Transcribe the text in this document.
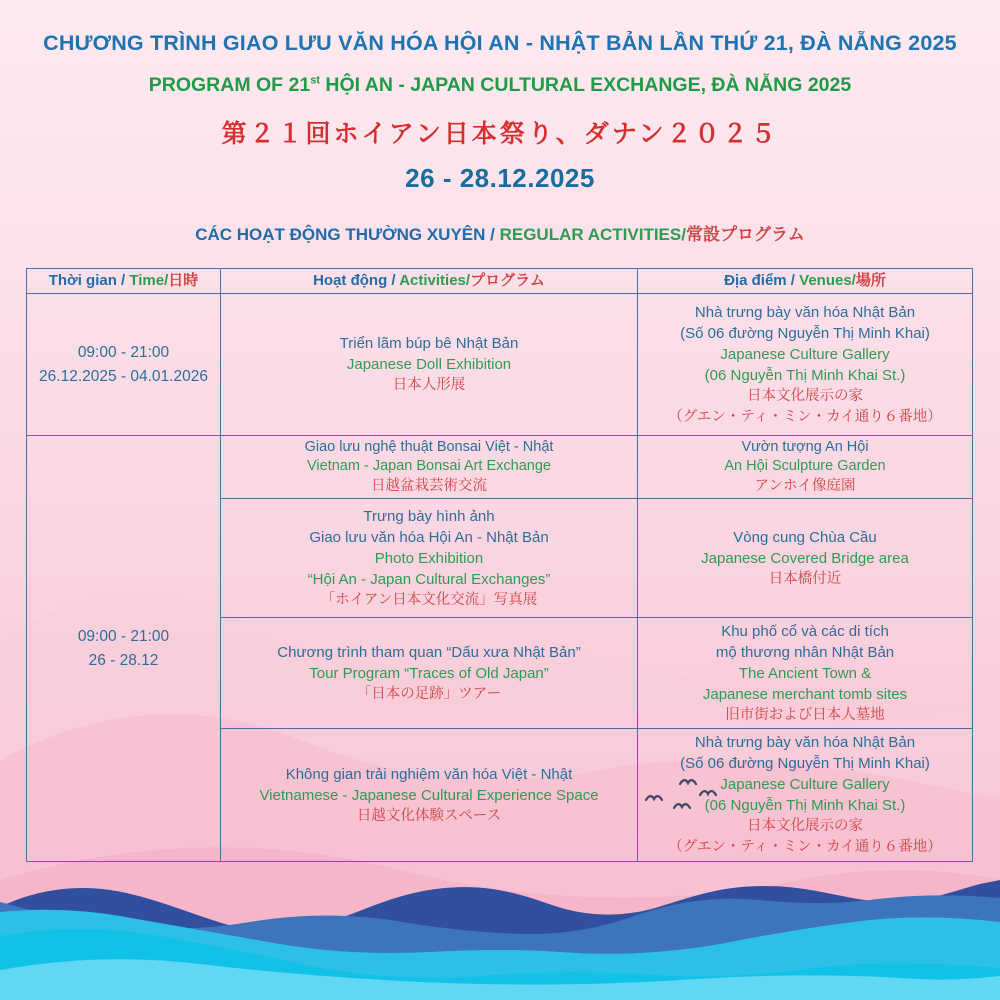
CHƯƠNG TRÌNH GIAO LƯU VĂN HÓA HỘI AN - NHẬT BẢN LẦN THỨ 21, ĐÀ NẴNG 2025
PROGRAM OF 21st HỘI AN - JAPAN CULTURAL EXCHANGE, ĐÀ NẴNG 2025
第２１回ホイアン日本祭り、ダナン２０２５
26 - 28.12.2025
CÁC HOẠT ĐỘNG THƯỜNG XUYÊN / REGULAR ACTIVITIES/常設プログラム
Thời gian / Time/日時	Hoạt động / Activities/プログラム	Địa điểm / Venues/場所
09:00 - 21:00
26.12.2025 - 04.01.2026
Triển lãm búp bê Nhật Bản
Japanese Doll Exhibition
日本人形展
Nhà trưng bày văn hóa Nhật Bản
(Số 06 đường Nguyễn Thị Minh Khai)
Japanese Culture Gallery
(06 Nguyễn Thị Minh Khai St.)
日本文化展示の家
（グエン・ティ・ミン・カイ通り６番地）
09:00 - 21:00
26 - 28.12
Giao lưu nghệ thuật Bonsai Việt - Nhật
Vietnam - Japan Bonsai Art Exchange
日越盆栽芸術交流
Vườn tượng An Hội
An Hội Sculpture Garden
アンホイ像庭園
Trưng bày hình ảnh
Giao lưu văn hóa Hội An - Nhật Bản
Photo Exhibition
“Hội An - Japan Cultural Exchanges”
「ホイアン日本文化交流」写真展
Vòng cung Chùa Cầu
Japanese Covered Bridge area
日本橋付近
Chương trình tham quan “Dấu xưa Nhật Bản”
Tour Program “Traces of Old Japan”
「日本の足跡」ツアー
Khu phố cổ và các di tích
mộ thương nhân Nhật Bản
The Ancient Town &
Japanese merchant tomb sites
旧市街および日本人墓地
Không gian trải nghiệm văn hóa Việt - Nhật
Vietnamese - Japanese Cultural Experience Space
日越文化体験スペース
Nhà trưng bày văn hóa Nhật Bản
(Số 06 đường Nguyễn Thị Minh Khai)
Japanese Culture Gallery
(06 Nguyễn Thị Minh Khai St.)
日本文化展示の家
（グエン・ティ・ミン・カイ通り６番地）
